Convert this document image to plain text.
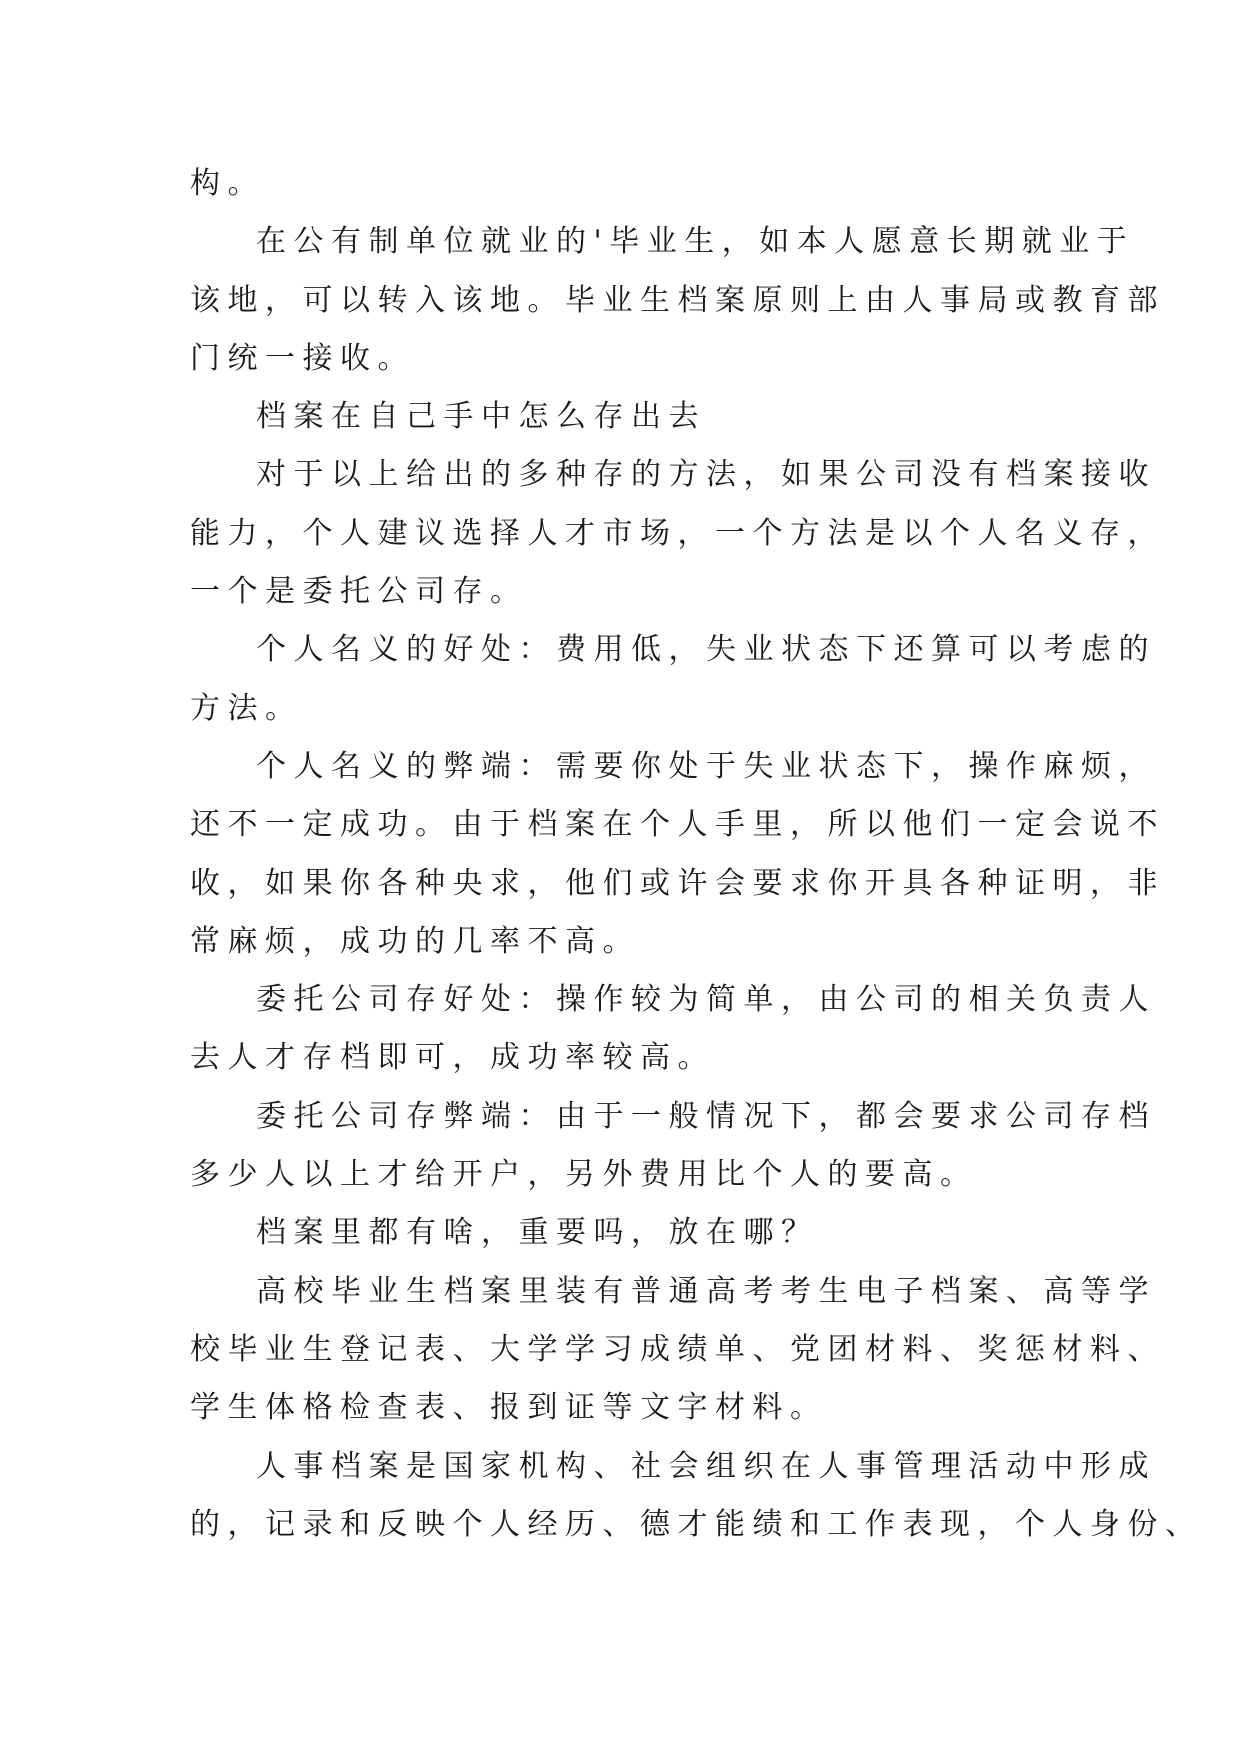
构。
在公有制单位就业的'毕业生，如本人愿意长期就业于
该地，可以转入该地。毕业生档案原则上由人事局或教育部
门统一接收。
档案在自己手中怎么存出去
对于以上给出的多种存的方法，如果公司没有档案接收
能力，个人建议选择人才市场，一个方法是以个人名义存，
一个是委托公司存。
个人名义的好处：费用低，失业状态下还算可以考虑的
方法。
个人名义的弊端：需要你处于失业状态下，操作麻烦，
还不一定成功。由于档案在个人手里，所以他们一定会说不
收，如果你各种央求，他们或许会要求你开具各种证明，非
常麻烦，成功的几率不高。
委托公司存好处：操作较为简单，由公司的相关负责人
去人才存档即可，成功率较高。
委托公司存弊端：由于一般情况下，都会要求公司存档
多少人以上才给开户，另外费用比个人的要高。
档案里都有啥，重要吗，放在哪？
高校毕业生档案里装有普通高考考生电子档案、高等学
校毕业生登记表、大学学习成绩单、党团材料、奖惩材料、
学生体格检查表、报到证等文字材料。
人事档案是国家机构、社会组织在人事管理活动中形成
的，记录和反映个人经历、德才能绩和工作表现，个人身份、
